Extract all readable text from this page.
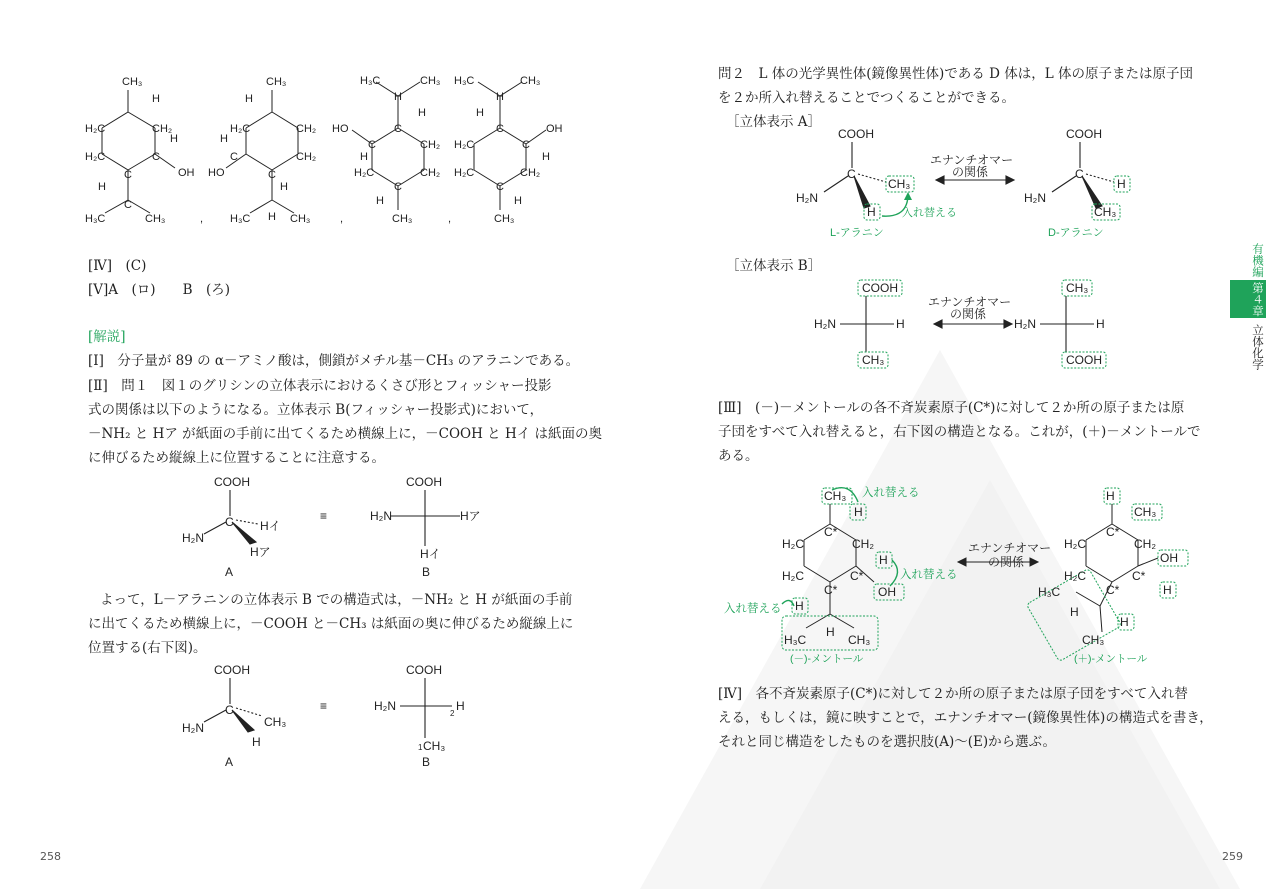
CH₃
H
H₂C	CH₂
H₂C	C
H
OH
C
H
C
H₃C	CH₃	,
CH₃
H
H₂C	CH₂
C	CH₂
H
HO	C
H
H₃C H CH₃	,
H₃C	CH₃
H
C
H
HO
C
H
CH₂
H₂C	CH₂
C
H
CH₃	,
H₃C	CH₃
H
C
H
OH
C
H
H₂C
H₂C	CH₂
C
H
CH₃
[Ⅳ]　(C)
[Ⅴ]A　(ロ)　　B　(ろ)
[解説]
[Ⅰ]　分子量が 89 の α－アミノ酸は，側鎖がメチル基－CH₃ のアラニンである。
[Ⅱ]　問１　図１のグリシンの立体表示におけるくさび形とフィッシャー投影
式の関係は以下のようになる。立体表示 B(フィッシャー投影式)において，
－NH₂ と Hア が紙面の手前に出てくるため横線上に，－COOH と Hイ は紙面の奥
に伸びるため縦線上に位置することに注意する。
COOH
C
H₂N
Hイ
Hア
≡
COOH
H₂N	Hア
Hイ
A	B
よって，L－アラニンの立体表示 B での構造式は，－NH₂ と H が紙面の手前
に出てくるため横線上に，－COOH と－CH₃ は紙面の奥に伸びるため縦線上に
位置する(右下図)。
COOH
C
H₂N	CH₃
H
≡
COOH
H₂N
2
H
1 CH₃
A	B
258
問２　L 体の光学異性体(鏡像異性体)である D 体は，L 体の原子または原子団
を２か所入れ替えることでつくることができる。
［立体表示 A］
COOH
C
H₂N
CH₃
H
COOH
C
H₂N
H
CH₃
エナンチオマー
の関係
入れ替える
L-アラニン	D-アラニン
［立体表示 B］
COOH
H₂N	H
CH₃
CH₃
H₂N	H
COOH
エナンチオマー
の関係
[Ⅲ]　(－)－メントールの各不斉炭素原子(C*)に対して２か所の原子または原
子団をすべて入れ替えると，右下図の構造となる。これが，(＋)－メントールで
ある。
CH₃
H
H₂C	CH₂
H₂C	C*
C*
C*
H
OH
H
H₃C
H
CH₃
H
CH₃
H₂C	CH₂
H₂C	C*
C*
C*
OH
H
H
H₃C
H
CH₃
エナンチオマー
の関係
入れ替える
入れ替える
入れ替える
(－)-メントール	(＋)-メントール
[Ⅳ]　各不斉炭素原子(C*)に対して２か所の原子または原子団をすべて入れ替
える，もしくは，鏡に映すことで，エナンチオマー(鏡像異性体)の構造式を書き，
それと同じ構造をしたものを選択肢(A)～(E)から選ぶ。
有機編
第４章
立体化学
259
